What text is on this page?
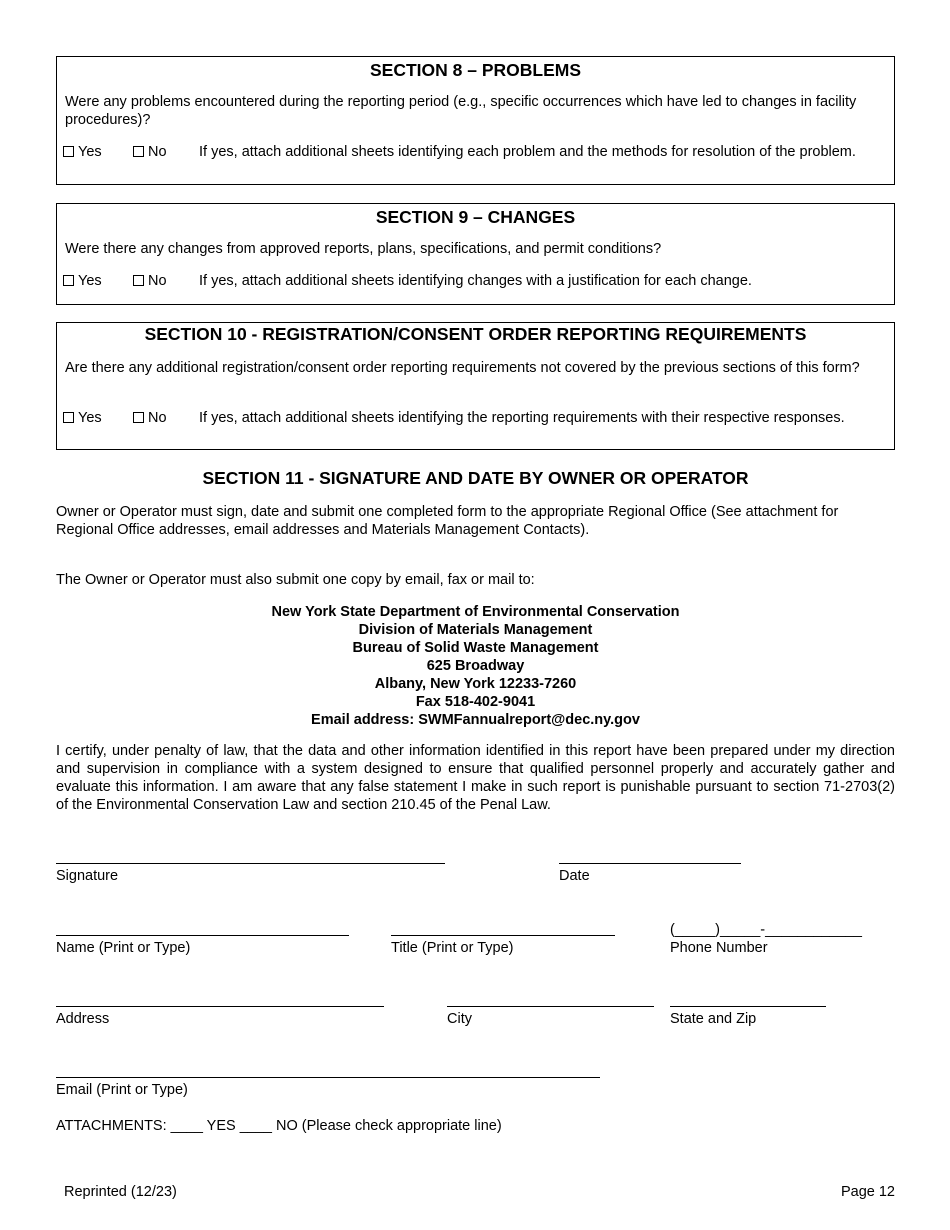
SECTION 8 – PROBLEMS
Were any problems encountered during the reporting period (e.g., specific occurrences which have led to changes in facility procedures)?
Yes	No If yes, attach additional sheets identifying each problem and the methods for resolution of the problem.
SECTION 9 – CHANGES
Were there any changes from approved reports, plans, specifications, and permit conditions?
Yes	No If yes, attach additional sheets identifying changes with a justification for each change.
SECTION 10 - REGISTRATION/CONSENT ORDER REPORTING REQUIREMENTS
Are there any additional registration/consent order reporting requirements not covered by the previous sections of this form?
Yes	No If yes, attach additional sheets identifying the reporting requirements with their respective responses.
SECTION 11 - SIGNATURE AND DATE BY OWNER OR OPERATOR
Owner or Operator must sign, date and submit one completed form to the appropriate Regional Office (See attachment for Regional Office addresses, email addresses and Materials Management Contacts).
The Owner or Operator must also submit one copy by email, fax or mail to:
New York State Department of Environmental Conservation
Division of Materials Management
Bureau of Solid Waste Management
625 Broadway
Albany, New York 12233-7260
Fax 518-402-9041
Email address: SWMFannualreport@dec.ny.gov
I certify, under penalty of law, that the data and other information identified in this report have been prepared under my direction and supervision in compliance with a system designed to ensure that qualified personnel properly and accurately gather and evaluate this information. I am aware that any false statement I make in such report is punishable pursuant to section 71-2703(2) of the Environmental Conservation Law and section 210.45 of the Penal Law.
Signature	Date
Name (Print or Type)	Title (Print or Type)
(_____)_____-____________
Phone Number
Address	City	State and Zip
Email (Print or Type)
ATTACHMENTS: ____ YES ____ NO (Please check appropriate line)
Reprinted (12/23)	Page 12
